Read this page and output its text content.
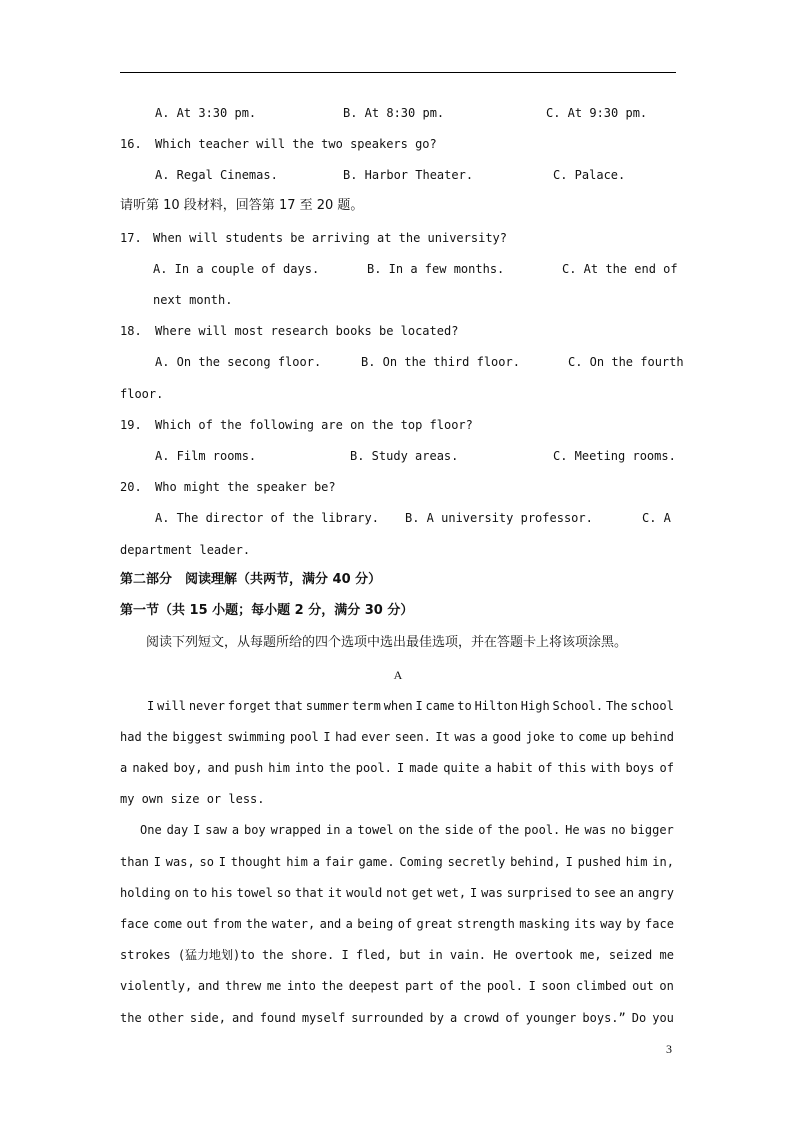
A. At 3:30 pm.	B. At 8:30 pm.	C. At 9:30 pm.
16. Which teacher will the two speakers go?
A. Regal Cinemas.	B. Harbor Theater.	C. Palace.
请听第 10 段材料，回答第 17 至 20 题。
17. When will students be arriving at the university?
A. In a couple of days.	B. In a few months.	C. At the end of
next month.
18. Where will most research books be located?
A. On the secong floor.	B. On the third floor.	C. On the fourth
floor.
19. Which of the following are on the top floor?
A. Film rooms.	B. Study areas.	C. Meeting rooms.
20. Who might the speaker be?
A. The director of the library. B. A university professor.	C. A
department leader.
第二部分　阅读理解（共两节，满分 40 分）
第一节（共 15 小题；每小题 2 分，满分 30 分）
阅读下列短文，从每题所给的四个选项中选出最佳选项，并在答题卡上将该项涂黑。
A
I will never forget that summer term when I came to Hilton High School. The school
had the biggest swimming pool I had ever seen. It was a good joke to come up behind
a naked boy, and push him into the pool. I made quite a habit of this with boys of
my own size or less.
One day I saw a boy wrapped in a towel on the side of the pool. He was no bigger
than I was, so I thought him a fair game. Coming secretly behind, I pushed him in,
holding on to his towel so that it would not get wet, I was surprised to see an angry
face come out from the water, and a being of great strength masking its way by face
strokes (猛力地划)to the shore. I fled, but in vain. He overtook me, seized me
violently, and threw me into the deepest part of the pool. I soon climbed out on
the other side, and found myself surrounded by a crowd of younger boys.” Do you
3
